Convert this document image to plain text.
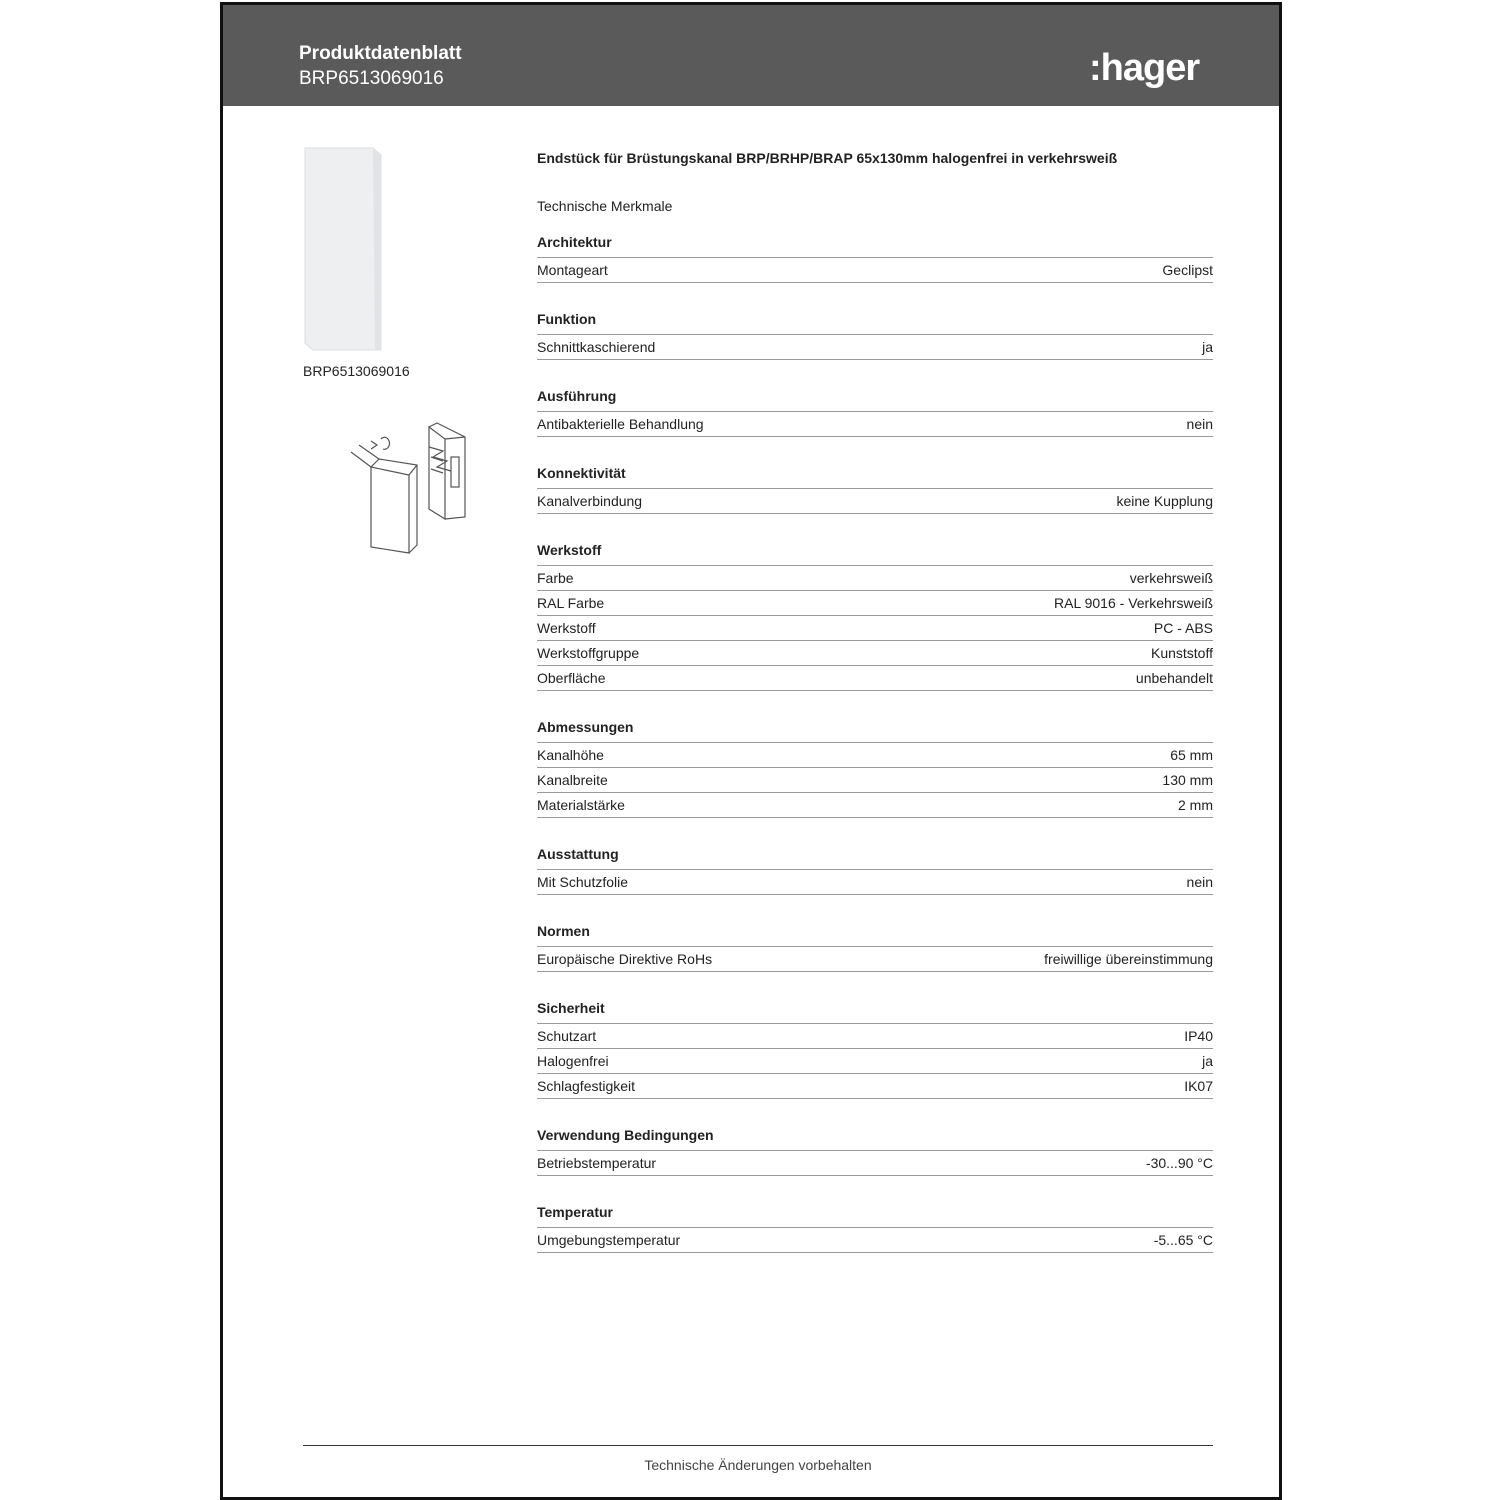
Produktdatenblatt
BRP6513069016	:hager
BRP6513069016
Endstück für Brüstungskanal BRP/BRHP/BRAP 65x130mm halogenfrei in verkehrsweiß
Technische Merkmale
Architektur
Montageart	Geclipst
Funktion
Schnittkaschierend	ja
Ausführung
Antibakterielle Behandlung	nein
Konnektivität
Kanalverbindung	keine Kupplung
Werkstoff
Farbe	verkehrsweiß
RAL Farbe	RAL 9016 - Verkehrsweiß
Werkstoff	PC - ABS
Werkstoffgruppe	Kunststoff
Oberfläche	unbehandelt
Abmessungen
Kanalhöhe	65 mm
Kanalbreite	130 mm
Materialstärke	2 mm
Ausstattung
Mit Schutzfolie	nein
Normen
Europäische Direktive RoHs	freiwillige übereinstimmung
Sicherheit
Schutzart	IP40
Halogenfrei	ja
Schlagfestigkeit	IK07
Verwendung Bedingungen
Betriebstemperatur	-30...90 °C
Temperatur
Umgebungstemperatur	-5...65 °C
Technische Änderungen vorbehalten
